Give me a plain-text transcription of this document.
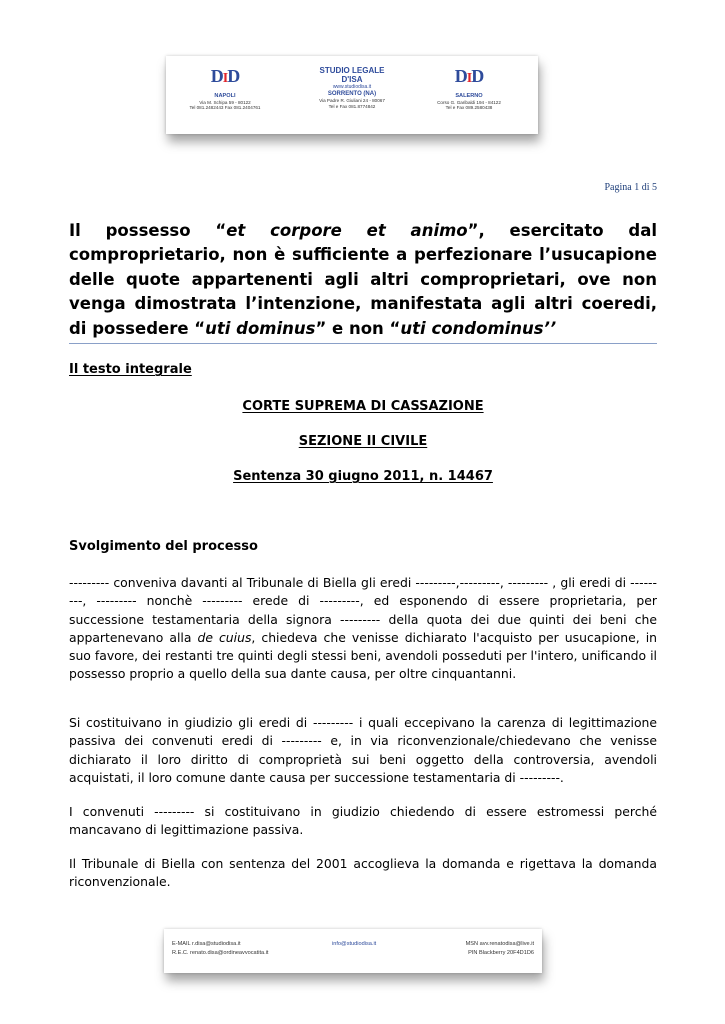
DID
NAPOLI
Via M. Schipa 59 - 80122
Tel 081.2482443 Fax 081.2404761
STUDIO LEGALE
D'ISA
www.studiodisa.it
SORRENTO (NA)
Via Padre R. Giuliani 24 - 80067
Tel e Fax 081.8774842
DID
SALERNO
Corso G. Garibaldi 194 - 84122
Tel e Fax 089.2580438
Pagina 1 di 5
Il possesso “et corpore et animo”, esercitato dal comproprietario, non è sufficiente a perfezionare l’usucapione delle quote appartenenti agli altri comproprietari, ove non venga dimostrata l’intenzione, manifestata agli altri coeredi, di possedere “uti dominus” e non “uti condominus’’
Il testo integrale
CORTE SUPREMA DI CASSAZIONE
SEZIONE II CIVILE
Sentenza 30 giugno 2011, n. 14467
Svolgimento del processo
--------- conveniva davanti al Tribunale di Biella gli eredi ---------,---------, --------- , gli eredi di ---------, --------- nonchè --------- erede di ---------, ed esponendo di essere proprietaria, per successione testamentaria della signora --------- della quota dei due quinti dei beni che appartenevano alla de cuius, chiedeva che venisse dichiarato l'acquisto per usucapione, in suo favore, dei restanti tre quinti degli stessi beni, avendoli posseduti per l'intero, unificando il possesso proprio a quello della sua dante causa, per oltre cinquantanni.
Si costituivano in giudizio gli eredi di --------- i quali eccepivano la carenza di legittimazione passiva dei convenuti eredi di --------- e, in via riconvenzionale/chiedevano che venisse dichiarato il loro diritto di comproprietà sui beni oggetto della controversia, avendoli acquistati, il loro comune dante causa per successione testamentaria di ---------.
I convenuti --------- si costituivano in giudizio chiedendo di essere estromessi perché mancavano di legittimazione passiva.
Il Tribunale di Biella con sentenza del 2001 accoglieva la domanda e rigettava la domanda riconvenzionale.
E-MAIL r.disa@studiodisa.it
R.E.C. renato.disa@ordineavvocatita.it
info@studiodisa.it	MSN avv.renatodisa@live.it
PIN Blackberry 20F4D1D6
